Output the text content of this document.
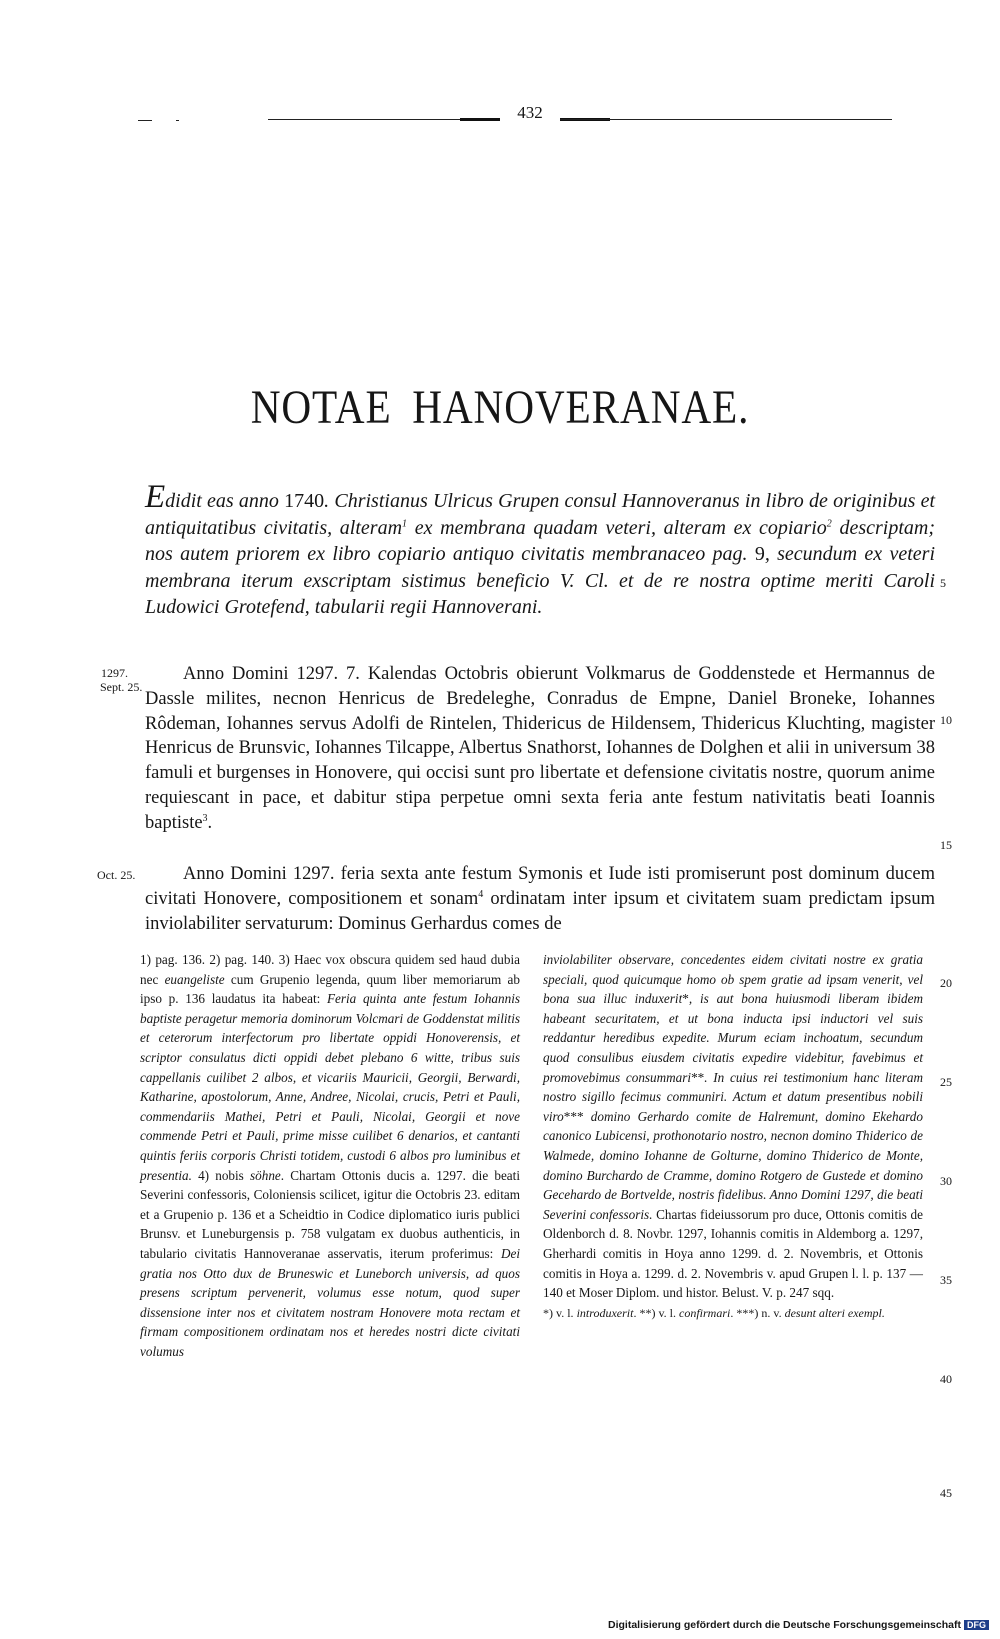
432
NOTAE HANOVERANAE.
Edidit eas anno 1740. Christianus Ulricus Grupen consul Hannoveranus in libro de originibus et antiquitatibus civitatis, alteram$^1$ ex membrana quadam veteri, alteram ex copiario$^2$ descriptam; nos autem priorem ex libro copiario antiquo civitatis membranaceo pag. 9, secundum ex veteri membrana iterum exscriptam sistimus beneficio V. Cl. et de re nostra optime meriti Caroli Ludowici Grotefend, tabularii regii Hannoverani.
1297.
Sept. 25.

Anno Domini 1297. 7. Kalendas Octobris obierunt Volkmarus de Goddenstede et Hermannus de Dassle milites, necnon Henricus de Bredeleghe, Conradus de Empne, Daniel Broneke, Iohannes Rôdeman, Iohannes servus Adolfi de Rintelen, Thidericus de Hildensem, Thidericus Kluchting, magister Henricus de Brunsvic, Iohannes Tilcappe, Albertus Snathorst, Iohannes de Dolghen et alii in universum 38 famuli et burgenses in Honovere, qui occisi sunt pro libertate et defensione civitatis nostre, quorum anime requiescant in pace, et dabitur stipa perpetue omni sexta feria ante festum nativitatis beati Ioannis baptiste$^3$.

Oct. 25.	Anno Domini 1297. feria sexta ante festum Symonis et Iude isti promiserunt post dominum ducem civitati Honovere, compositionem et sonam$^4$ ordinatam inter ipsum et civitatem suam predictam ipsum inviolabiliter servaturum: Dominus Gerhardus comes de

5
10
15
20
25
30
35
40
45
1) pag. 136. 2) pag. 140. 3) Haec vox obscura quidem sed haud dubia nec euangeliste cum Grupenio legenda, quum liber memoriarum ab ipso p. 136 laudatus ita habeat: Feria quinta ante festum Iohannis baptiste peragetur memoria dominorum Volcmari de Goddenstat militis et ceterorum interfectorum pro libertate oppidi Honoverensis, et scriptor consulatus dicti oppidi debet plebano 6 witte, tribus suis cappellanis cuilibet 2 albos, et vicariis Mauricii, Georgii, Berwardi, Katharine, apostolorum, Anne, Andree, Nicolai, crucis, Petri et Pauli, commendariis Mathei, Petri et Pauli, Nicolai, Georgii et nove commende Petri et Pauli, prime misse cuilibet 6 denarios, et cantanti quintis feriis corporis Christi totidem, custodi 6 albos pro luminibus et presentia. 4) nobis söhne. Chartam Ottonis ducis a. 1297. die beati Severini confessoris, Coloniensis scilicet, igitur die Octobris 23. editam et a Grupenio p. 136 et a Scheidtio in Codice diplomatico iuris publici Brunsv. et Luneburgensis p. 758 vulgatam ex duobus authenticis, in tabulario civitatis Hannoveranae asservatis, iterum proferimus: Dei gratia nos Otto dux de Bruneswic et Luneborch universis, ad quos presens scriptum pervenerit, volumus esse notum, quod super dissensione inter nos et civitatem nostram Honovere mota rectam et firmam compositionem ordinatam nos et heredes nostri dicte civitati volumus
inviolabiliter observare, concedentes eidem civitati nostre ex gratia speciali, quod quicumque homo ob spem gratie ad ipsam venerit, vel bona sua illuc induxerit*, is aut bona huiusmodi liberam ibidem habeant securitatem, et ut bona inducta ipsi inductori vel suis reddantur heredibus expedite. Murum eciam inchoatum, secundum quod consulibus eiusdem civitatis expedire videbitur, favebimus et promovebimus consummari**. In cuius rei testimonium hanc literam nostro sigillo fecimus communiri. Actum et datum presentibus nobili viro*** domino Gerhardo comite de Halremunt, domino Ekehardo canonico Lubicensi, prothonotario nostro, necnon domino Thiderico de Walmede, domino Iohanne de Golturne, domino Thiderico de Monte, domino Burchardo de Cramme, domino Rotgero de Gustede et domino Gecehardo de Bortvelde, nostris fidelibus. Anno Domini 1297, die beati Severini confessoris. Chartas fideiussorum pro duce, Ottonis comitis de Oldenborch d. 8. Novbr. 1297, Iohannis comitis in Aldemborg a. 1297, Gherhardi comitis in Hoya anno 1299. d. 2. Novembris, et Ottonis comitis in Hoya a. 1299. d. 2. Novembris v. apud Grupen l. l. p. 137 — 140 et Moser Diplom. und histor. Belust. V. p. 247 sqq.
*) v. l. introduxerit. **) v. l. confirmari. ***) n. v. desunt alteri exempl.
Digitalisierung gefördert durch die Deutsche Forschungsgemeinschaft DFG
